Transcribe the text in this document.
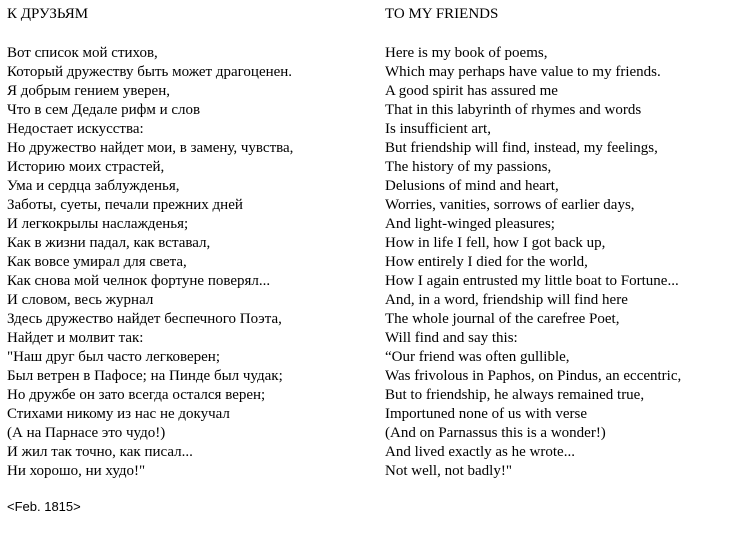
К ДРУЗЬЯМ
Вот список мой стихов,
Который дружеству быть может драгоценен.
Я добрым гением уверен,
Что в сем Дедале рифм и слов
Недостает искусства:
Но дружество найдет мои, в замену, чувства,
Историю моих страстей,
Ума и сердца заблужденья,
Заботы, суеты, печали прежних дней
И легкокрылы наслажденья;
Как в жизни падал, как вставал,
Как вовсе умирал для света,
Как снова мой челнок фортуне поверял...
И словом, весь журнал
Здесь дружество найдет беспечного Поэта,
Найдет и молвит так:
"Наш друг был часто легковерен;
Был ветрен в Пафосе; на Пинде был чудак;
Но дружбе он зато всегда остался верен;
Стихами никому из нас не докучал
(А на Парнасе это чудо!)
И жил так точно, как писал...
Ни хорошо, ни худо!"
TO MY FRIENDS
Here is my book of poems,
Which may perhaps have value to my friends.
A good spirit has assured me
That in this labyrinth of rhymes and words
Is insufficient art,
But friendship will find, instead, my feelings,
The history of my passions,
Delusions of mind and heart,
Worries, vanities, sorrows of earlier days,
And light-winged pleasures;
How in life I fell, how I got back up,
How entirely I died for the world,
How I again entrusted my little boat to Fortune...
And, in a word, friendship will find here
The whole journal of the carefree Poet,
Will find and say this:
“Our friend was often gullible,
Was frivolous in Paphos, on Pindus, an eccentric,
But to friendship, he always remained true,
Importuned none of us with verse
(And on Parnassus this is a wonder!)
And lived exactly as he wrote...
Not well, not badly!"
<Feb. 1815>
